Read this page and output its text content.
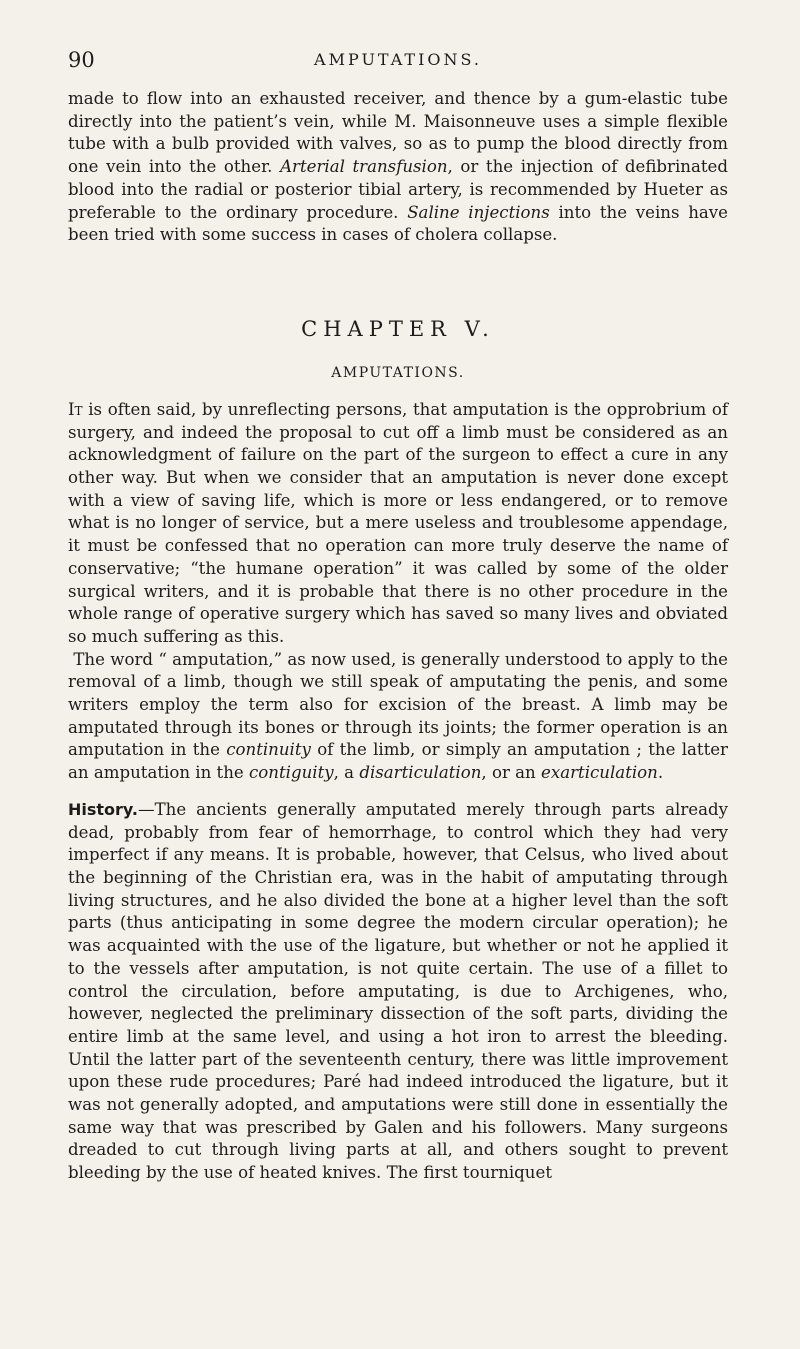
90	AMPUTATIONS.

made to flow into an exhausted receiver, and thence by a gum-elastic tube directly into the patient’s vein, while M. Maisonneuve uses a simple flexible tube with a bulb provided with valves, so as to pump the blood directly from one vein into the other. Arterial transfusion, or the injection of defibrinated blood into the radial or posterior tibial artery, is recommended by Hueter as preferable to the ordinary procedure. Saline injections into the veins have been tried with some success in cases of cholera collapse.

CHAPTER V.
AMPUTATIONS.

It is often said, by unreflecting persons, that amputation is the opprobrium of surgery, and indeed the proposal to cut off a limb must be considered as an acknowledgment of failure on the part of the surgeon to effect a cure in any other way. But when we consider that an amputation is never done except with a view of saving life, which is more or less endangered, or to remove what is no longer of service, but a mere useless and troublesome appendage, it must be confessed that no operation can more truly deserve the name of conservative; “the humane operation” it was called by some of the older surgical writers, and it is probable that there is no other procedure in the whole range of operative surgery which has saved so many lives and obviated so much suffering as this.

The word “ amputation,” as now used, is generally understood to apply to the removal of a limb, though we still speak of amputating the penis, and some writers employ the term also for excision of the breast. A limb may be amputated through its bones or through its joints; the former operation is an amputation in the continuity of the limb, or simply an amputation ; the latter an amputation in the contiguity, a disarticulation, or an exarticulation.

History.—The ancients generally amputated merely through parts already dead, probably from fear of hemorrhage, to control which they had very imperfect if any means. It is probable, however, that Celsus, who lived about the beginning of the Christian era, was in the habit of amputating through living structures, and he also divided the bone at a higher level than the soft parts (thus anticipating in some degree the modern circular operation); he was acquainted with the use of the ligature, but whether or not he applied it to the vessels after amputation, is not quite certain. The use of a fillet to control the circulation, before amputating, is due to Archigenes, who, however, neglected the preliminary dissection of the soft parts, dividing the entire limb at the same level, and using a hot iron to arrest the bleeding. Until the latter part of the seventeenth century, there was little improvement upon these rude procedures; Paré had indeed introduced the ligature, but it was not generally adopted, and amputations were still done in essentially the same way that was prescribed by Galen and his followers. Many surgeons dreaded to cut through living parts at all, and others sought to prevent bleeding by the use of heated knives. The first tourniquet
